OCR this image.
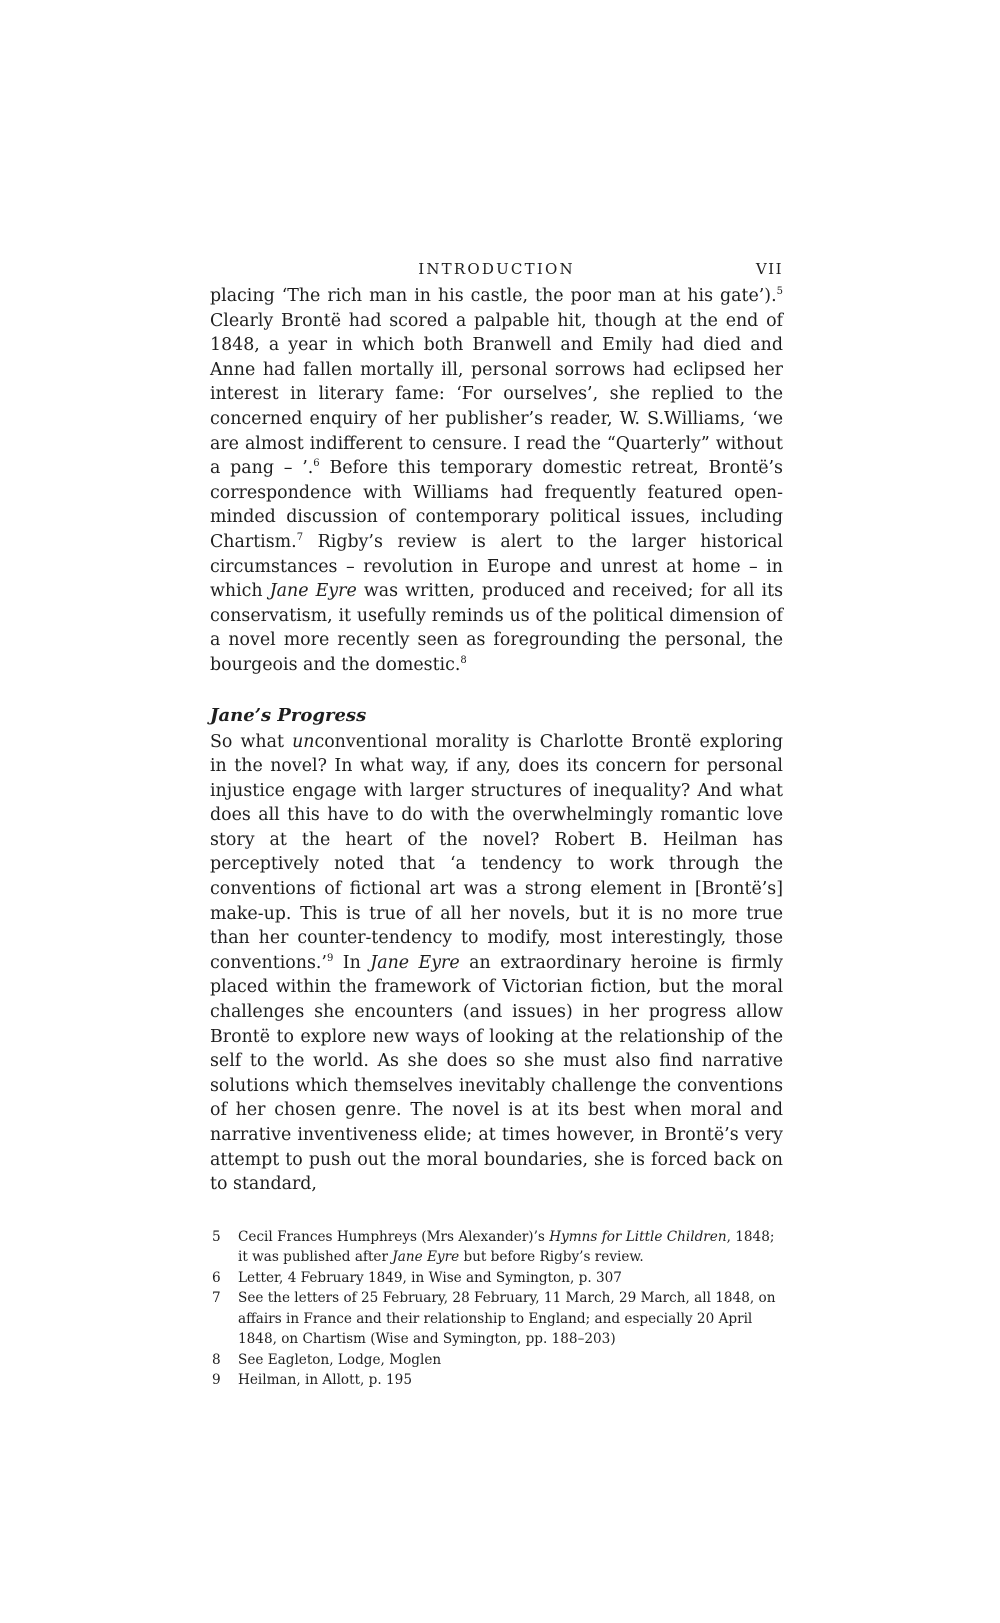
INTRODUCTION	VII

placing ‘The rich man in his castle, the poor man at his gate’).$^5$ Clearly Brontë had scored a palpable hit, though at the end of 1848, a year in which both Branwell and Emily had died and Anne had fallen mortally ill, personal sorrows had eclipsed her interest in literary fame: ‘For ourselves’, she replied to the concerned enquiry of her publisher’s reader, W. S.Williams, ‘we are almost indifferent to censure. I read the “Quarterly” without a pang – ’.$^6$ Before this temporary domestic retreat, Brontë’s correspondence with Williams had frequently featured open-minded discussion of contemporary political issues, including Chartism.$^7$ Rigby’s review is alert to the larger historical circumstances – revolution in Europe and unrest at home – in which Jane Eyre was written, produced and received; for all its conservatism, it usefully reminds us of the political dimension of a novel more recently seen as foregrounding the personal, the bourgeois and the domestic.$^8$

Jane’s Progress

So what unconventional morality is Charlotte Brontë exploring in the novel? In what way, if any, does its concern for personal injustice engage with larger structures of inequality? And what does all this have to do with the overwhelmingly romantic love story at the heart of the novel? Robert B. Heilman has perceptively noted that ‘a tendency to work through the conventions of fictional art was a strong element in [Brontë’s] make-up. This is true of all her novels, but it is no more true than her counter-tendency to modify, most interestingly, those conventions.’$^9$ In Jane Eyre an extraordinary heroine is firmly placed within the framework of Victorian fiction, but the moral challenges she encounters (and issues) in her progress allow Brontë to explore new ways of looking at the relationship of the self to the world. As she does so she must also find narrative solutions which themselves inevitably challenge the conventions of her chosen genre. The novel is at its best when moral and narrative inventiveness elide; at times however, in Brontë’s very attempt to push out the moral boundaries, she is forced back on to standard,

5	Cecil Frances Humphreys (Mrs Alexander)’s Hymns for Little Children, 1848; it was published after Jane Eyre but before Rigby’s review.
6	Letter, 4 February 1849, in Wise and Symington, p. 307
7	See the letters of 25 February, 28 February, 11 March, 29 March, all 1848, on affairs in France and their relationship to England; and especially 20 April 1848, on Chartism (Wise and Symington, pp. 188–203)
8	See Eagleton, Lodge, Moglen
9	Heilman, in Allott, p. 195
